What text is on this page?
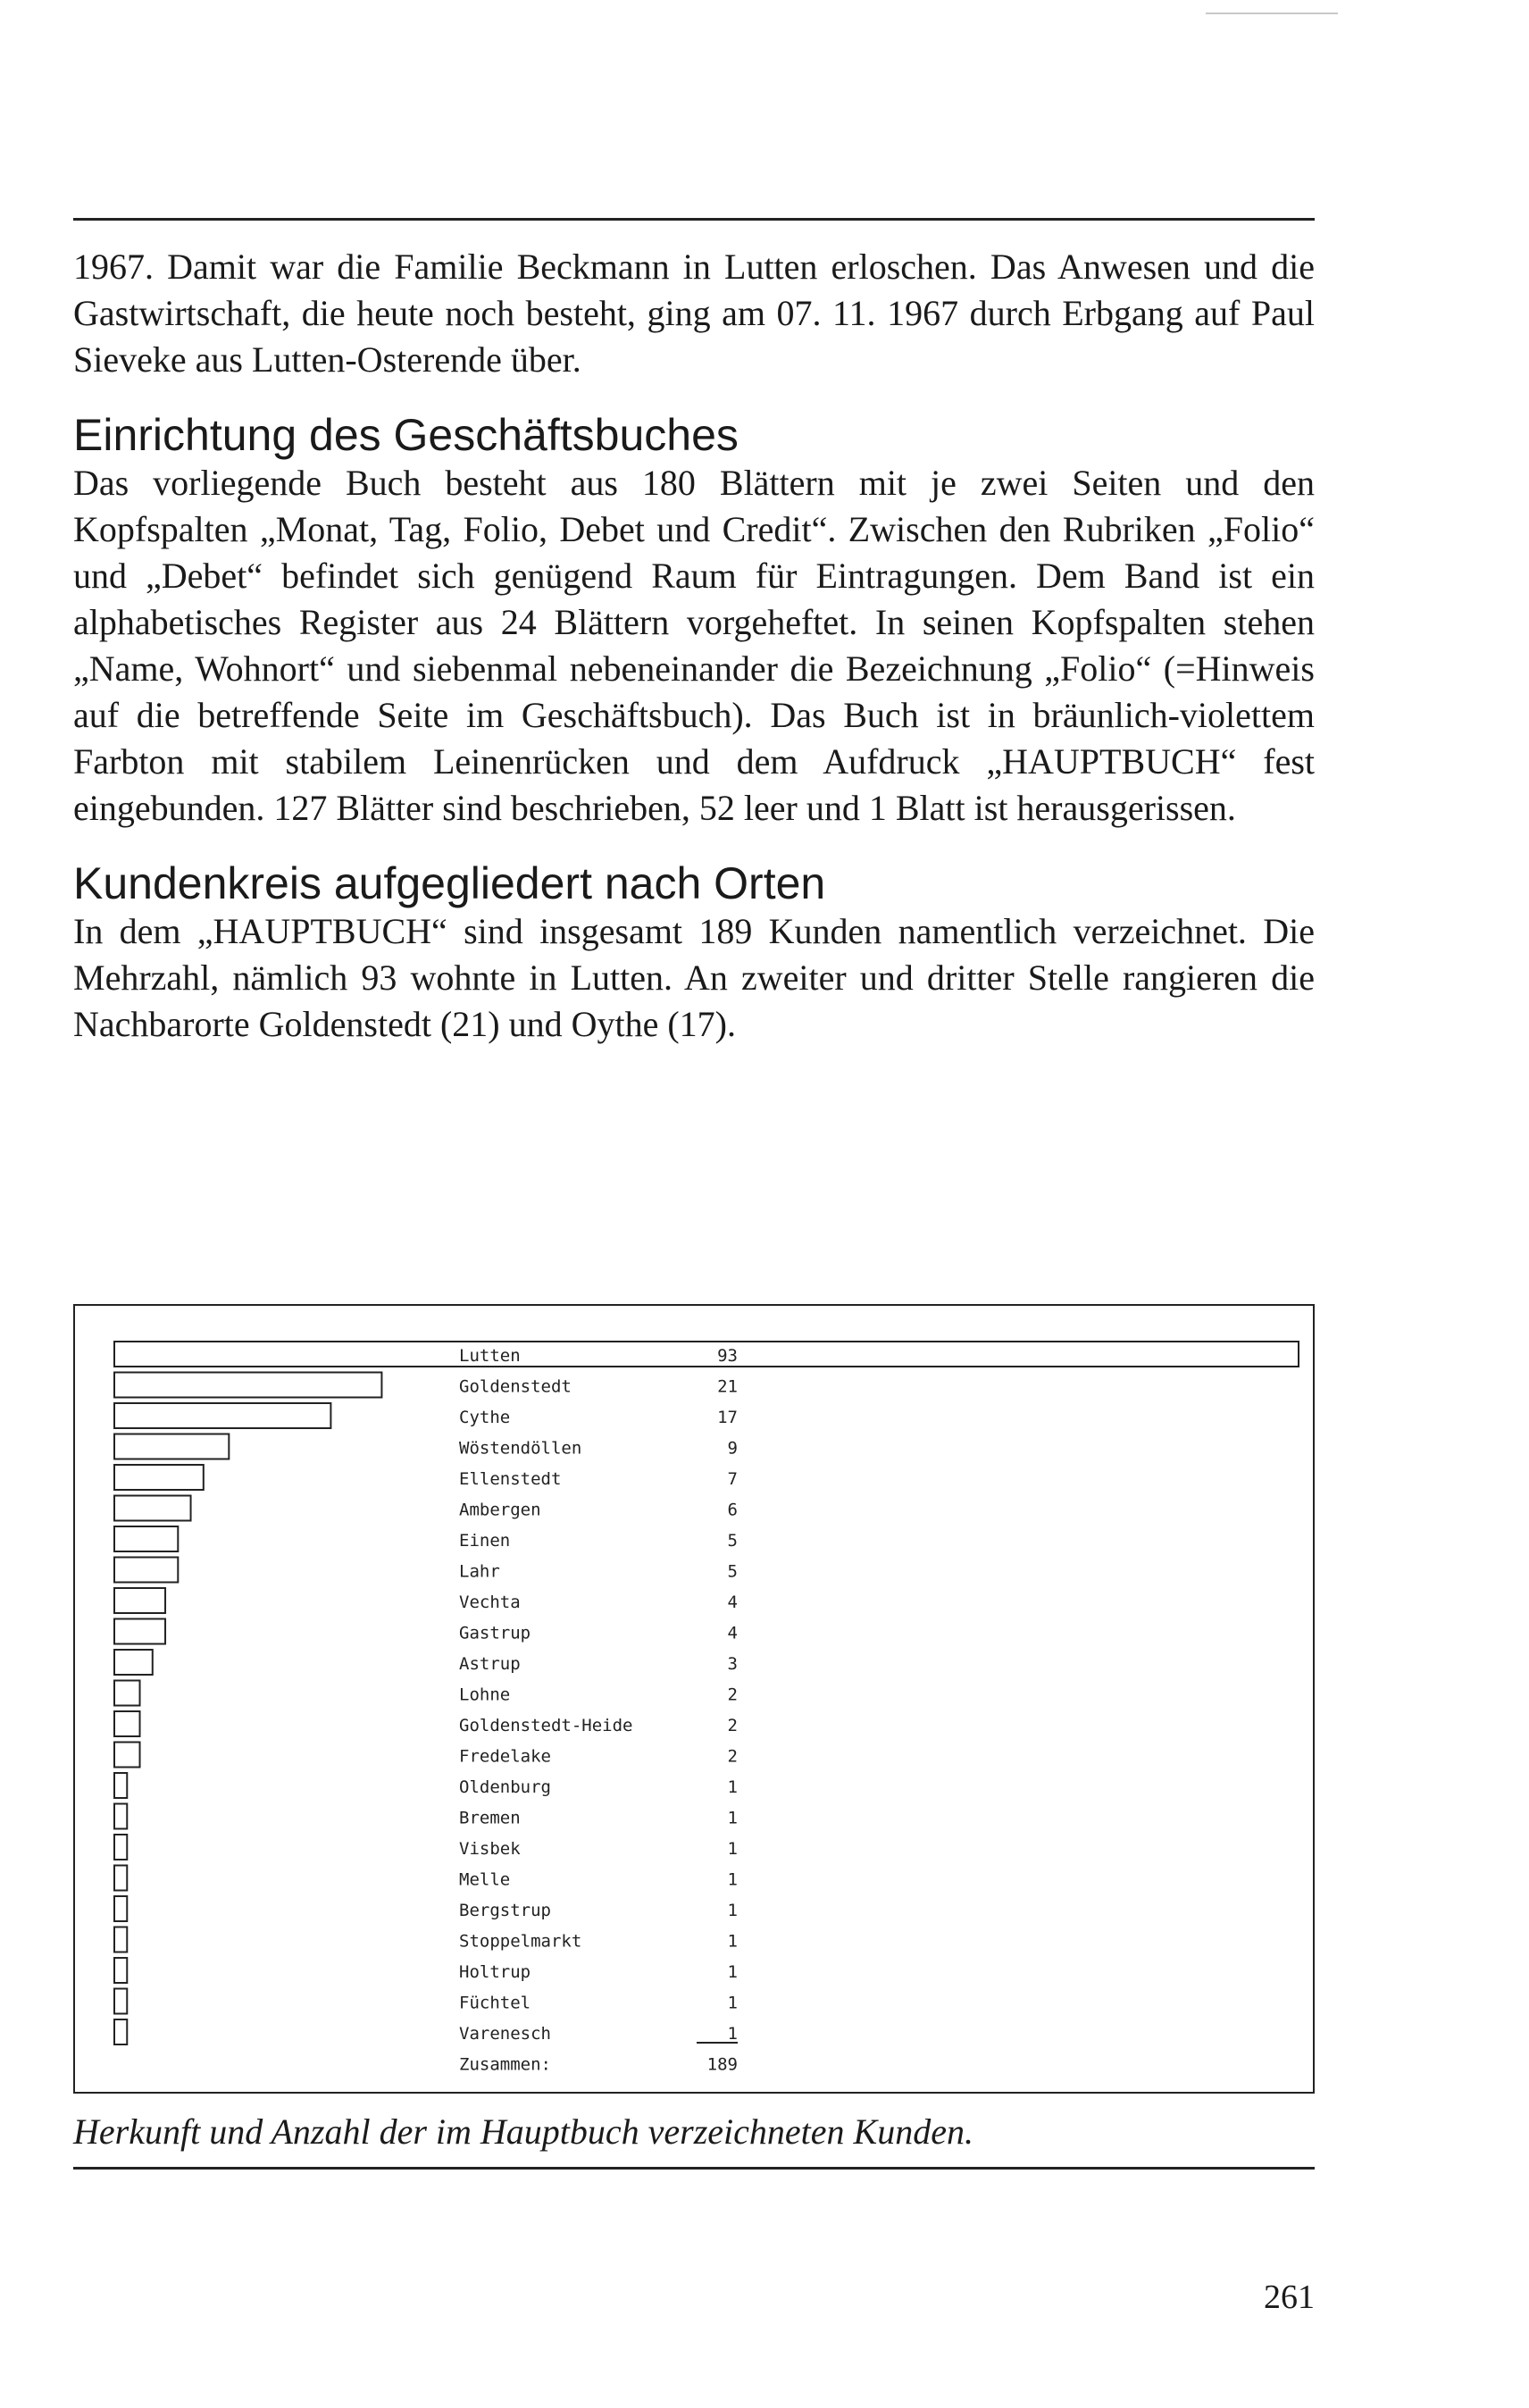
1967. Damit war die Familie Beckmann in Lutten erloschen. Das Anwesen und die Gastwirtschaft, die heute noch besteht, ging am 07. 11. 1967 durch Erbgang auf Paul Sieveke aus Lutten-Osterende über.

Einrichtung des Geschäftsbuches

Das vorliegende Buch besteht aus 180 Blättern mit je zwei Seiten und den Kopfspalten „Monat, Tag, Folio, Debet und Credit“. Zwischen den Rubriken „Folio“ und „Debet“ befindet sich genügend Raum für Eintragungen. Dem Band ist ein alphabetisches Register aus 24 Blättern vorgeheftet. In seinen Kopfspalten stehen „Name, Wohnort“ und siebenmal nebeneinander die Bezeichnung „Folio“ (=Hinweis auf die betreffende Seite im Geschäftsbuch). Das Buch ist in bräunlich-violettem Farbton mit stabilem Leinenrücken und dem Aufdruck „HAUPTBUCH“ fest eingebunden. 127 Blätter sind beschrieben, 52 leer und 1 Blatt ist herausgerissen.

Kundenkreis aufgegliedert nach Orten

In dem „HAUPTBUCH“ sind insgesamt 189 Kunden namentlich verzeichnet. Die Mehrzahl, nämlich 93 wohnte in Lutten. An zweiter und dritter Stelle rangieren die Nachbarorte Goldenstedt (21) und Oythe (17).

Lutten	93
Goldenstedt	21
Cythe	17
Wöstendöllen	9
Ellenstedt	7
Ambergen	6
Einen	5
Lahr	5
Vechta	4
Gastrup	4
Astrup	3
Lohne	2
Goldenstedt-Heide	2
Fredelake	2
Oldenburg	1
Bremen	1
Visbek	1
Melle	1
Bergstrup	1
Stoppelmarkt	1
Holtrup	1
Füchtel	1
Varenesch	1
Zusammen:	189
Herkunft und Anzahl der im Hauptbuch verzeichneten Kunden.
261
